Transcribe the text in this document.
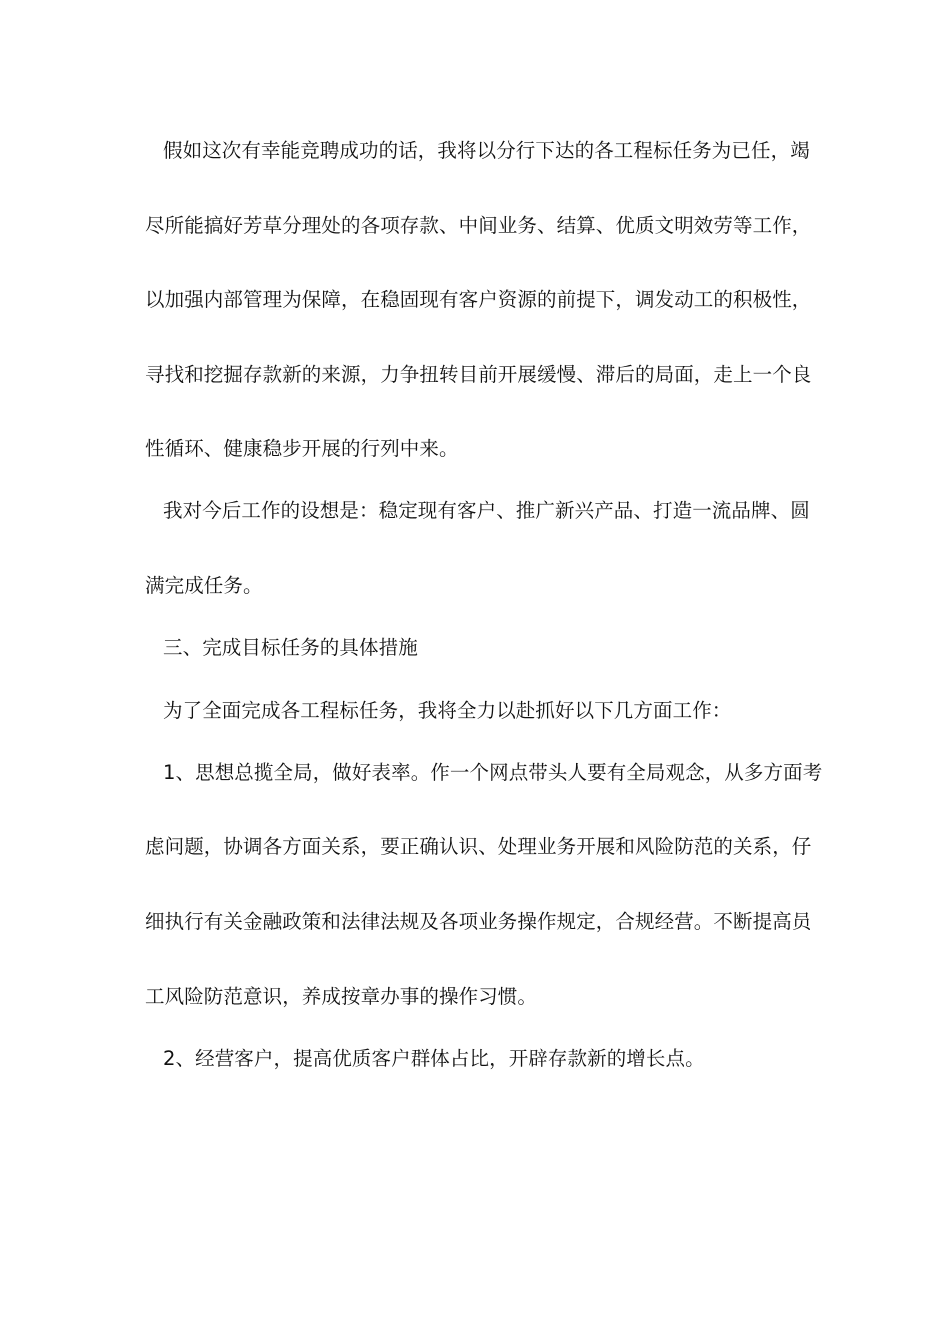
假如这次有幸能竞聘成功的话，我将以分行下达的各工程标任务为已任，竭
尽所能搞好芳草分理处的各项存款、中间业务、结算、优质文明效劳等工作，
以加强内部管理为保障，在稳固现有客户资源的前提下，调发动工的积极性，
寻找和挖掘存款新的来源，力争扭转目前开展缓慢、滞后的局面，走上一个良
性循环、健康稳步开展的行列中来。
我对今后工作的设想是：稳定现有客户、推广新兴产品、打造一流品牌、圆
满完成任务。
三、完成目标任务的具体措施
为了全面完成各工程标任务，我将全力以赴抓好以下几方面工作：
1、思想总揽全局，做好表率。作一个网点带头人要有全局观念，从多方面考
虑问题，协调各方面关系，要正确认识、处理业务开展和风险防范的关系，仔
细执行有关金融政策和法律法规及各项业务操作规定，合规经营。不断提高员
工风险防范意识，养成按章办事的操作习惯。
2、经营客户，提高优质客户群体占比，开辟存款新的增长点。
